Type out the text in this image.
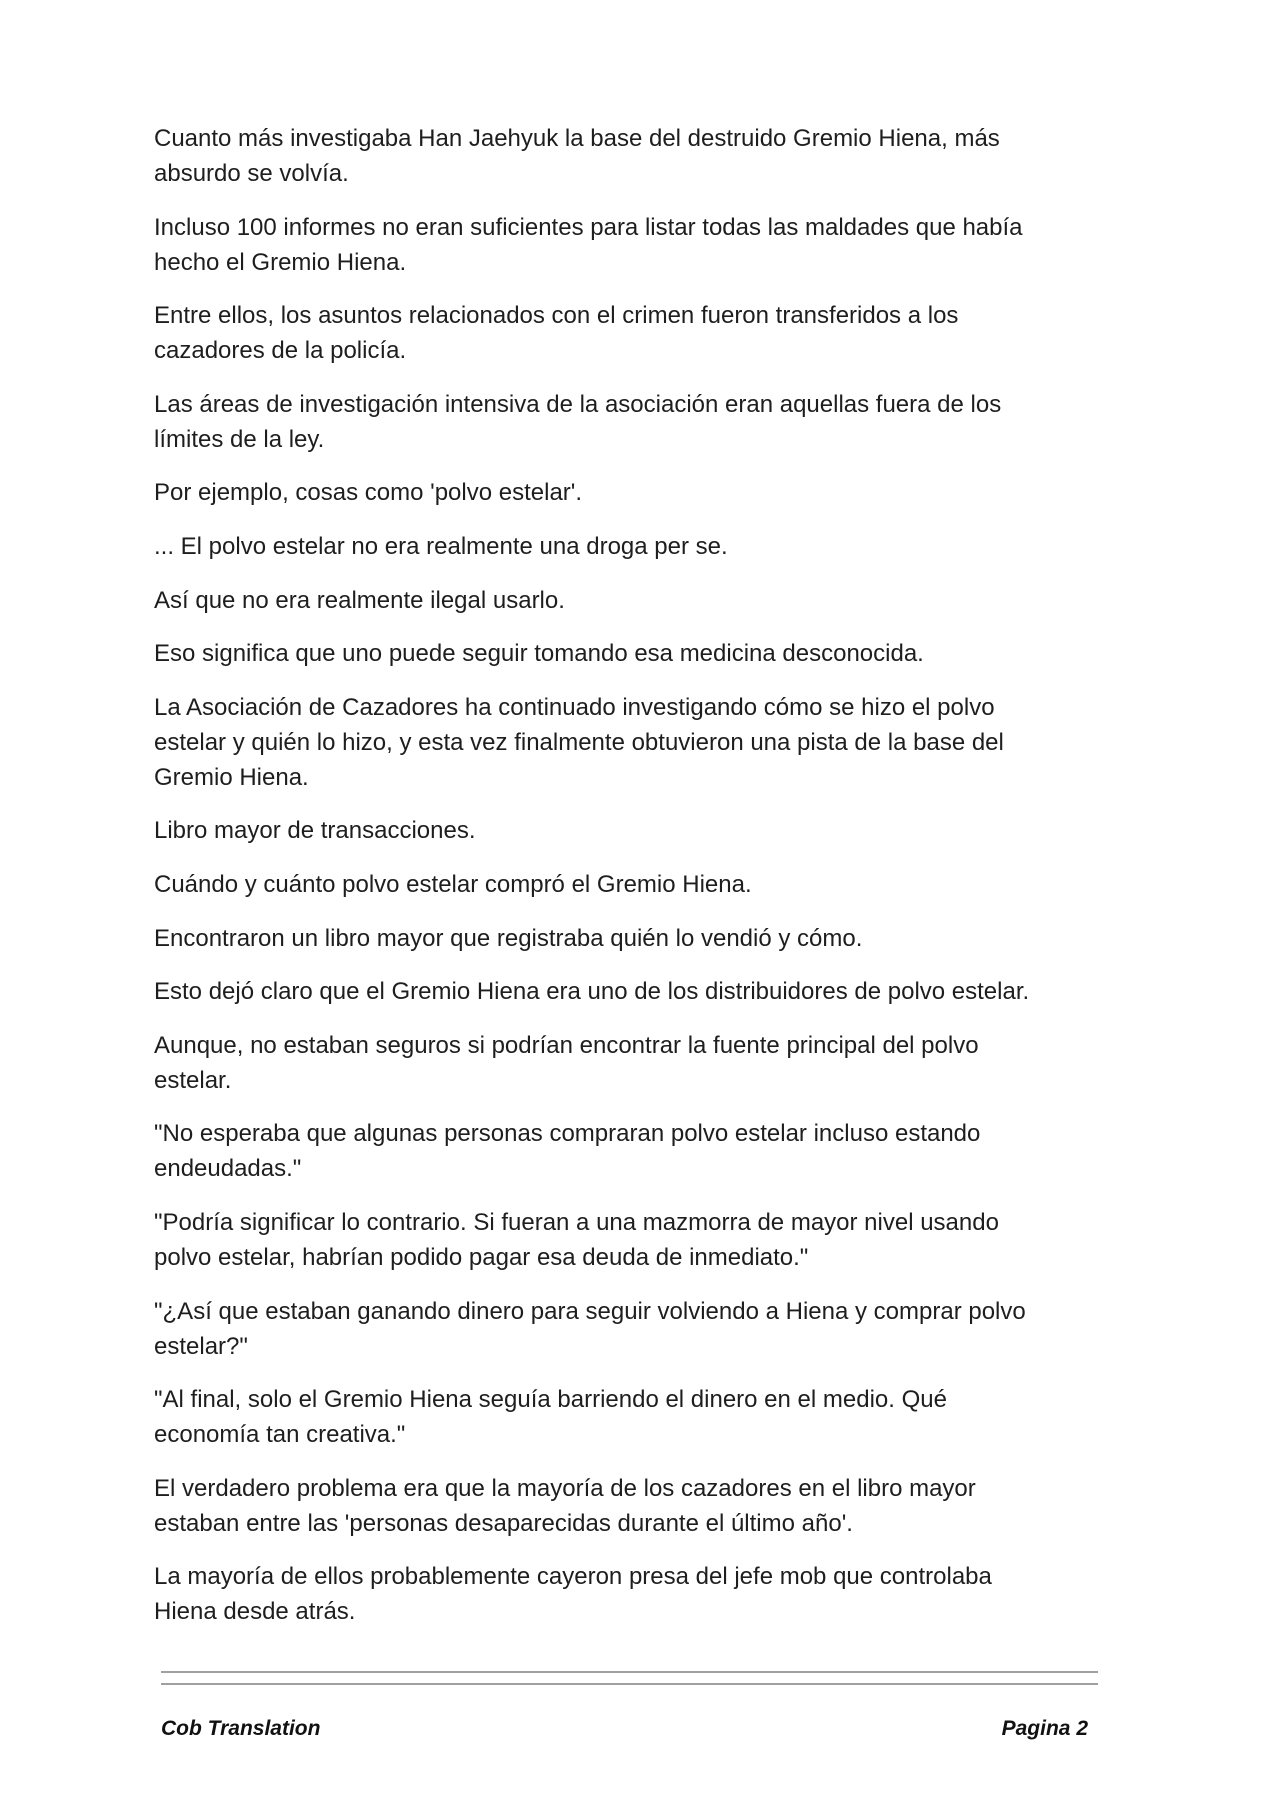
Cuanto más investigaba Han Jaehyuk la base del destruido Gremio Hiena, más
absurdo se volvía.

Incluso 100 informes no eran suficientes para listar todas las maldades que había
hecho el Gremio Hiena.

Entre ellos, los asuntos relacionados con el crimen fueron transferidos a los
cazadores de la policía.

Las áreas de investigación intensiva de la asociación eran aquellas fuera de los
límites de la ley.

Por ejemplo, cosas como 'polvo estelar'.

... El polvo estelar no era realmente una droga per se.

Así que no era realmente ilegal usarlo.

Eso significa que uno puede seguir tomando esa medicina desconocida.

La Asociación de Cazadores ha continuado investigando cómo se hizo el polvo
estelar y quién lo hizo, y esta vez finalmente obtuvieron una pista de la base del
Gremio Hiena.

Libro mayor de transacciones.

Cuándo y cuánto polvo estelar compró el Gremio Hiena.

Encontraron un libro mayor que registraba quién lo vendió y cómo.

Esto dejó claro que el Gremio Hiena era uno de los distribuidores de polvo estelar.

Aunque, no estaban seguros si podrían encontrar la fuente principal del polvo
estelar.

"No esperaba que algunas personas compraran polvo estelar incluso estando
endeudadas."

"Podría significar lo contrario. Si fueran a una mazmorra de mayor nivel usando
polvo estelar, habrían podido pagar esa deuda de inmediato."

"¿Así que estaban ganando dinero para seguir volviendo a Hiena y comprar polvo
estelar?"

"Al final, solo el Gremio Hiena seguía barriendo el dinero en el medio. Qué
economía tan creativa."

El verdadero problema era que la mayoría de los cazadores en el libro mayor
estaban entre las 'personas desaparecidas durante el último año'.

La mayoría de ellos probablemente cayeron presa del jefe mob que controlaba
Hiena desde atrás.

Cob Translation	Pagina 2
